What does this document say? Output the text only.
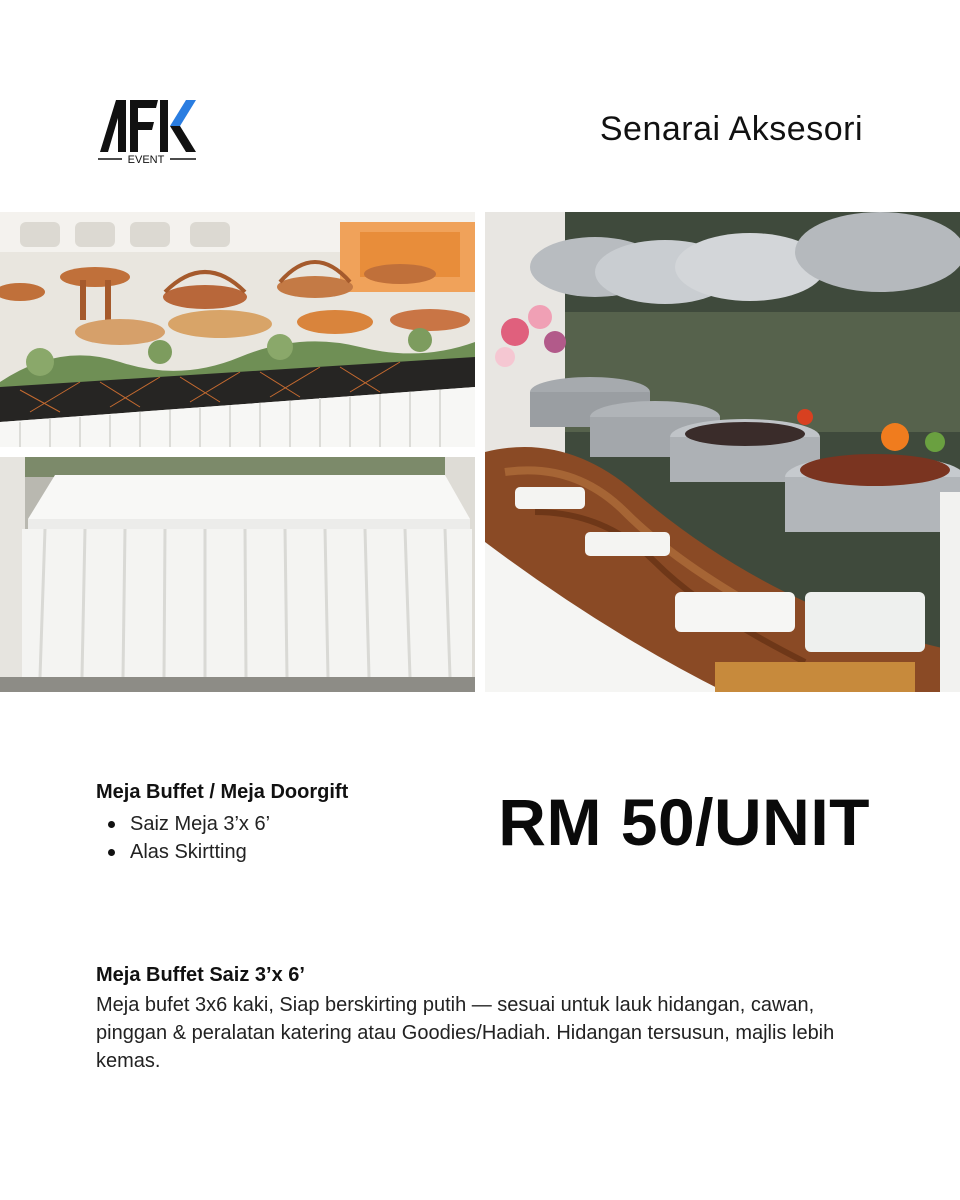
EVENT
Senarai Aksesori
Meja Buffet / Meja Doorgift
Saiz Meja 3’x 6’
Alas Skirtting	RM 50/UNIT
Meja Buffet Saiz 3’x 6’

Meja bufet 3x6 kaki, Siap berskirting putih — sesuai untuk lauk hidangan, cawan, pinggan & peralatan katering atau Goodies/Hadiah. Hidangan tersusun, majlis lebih kemas.
